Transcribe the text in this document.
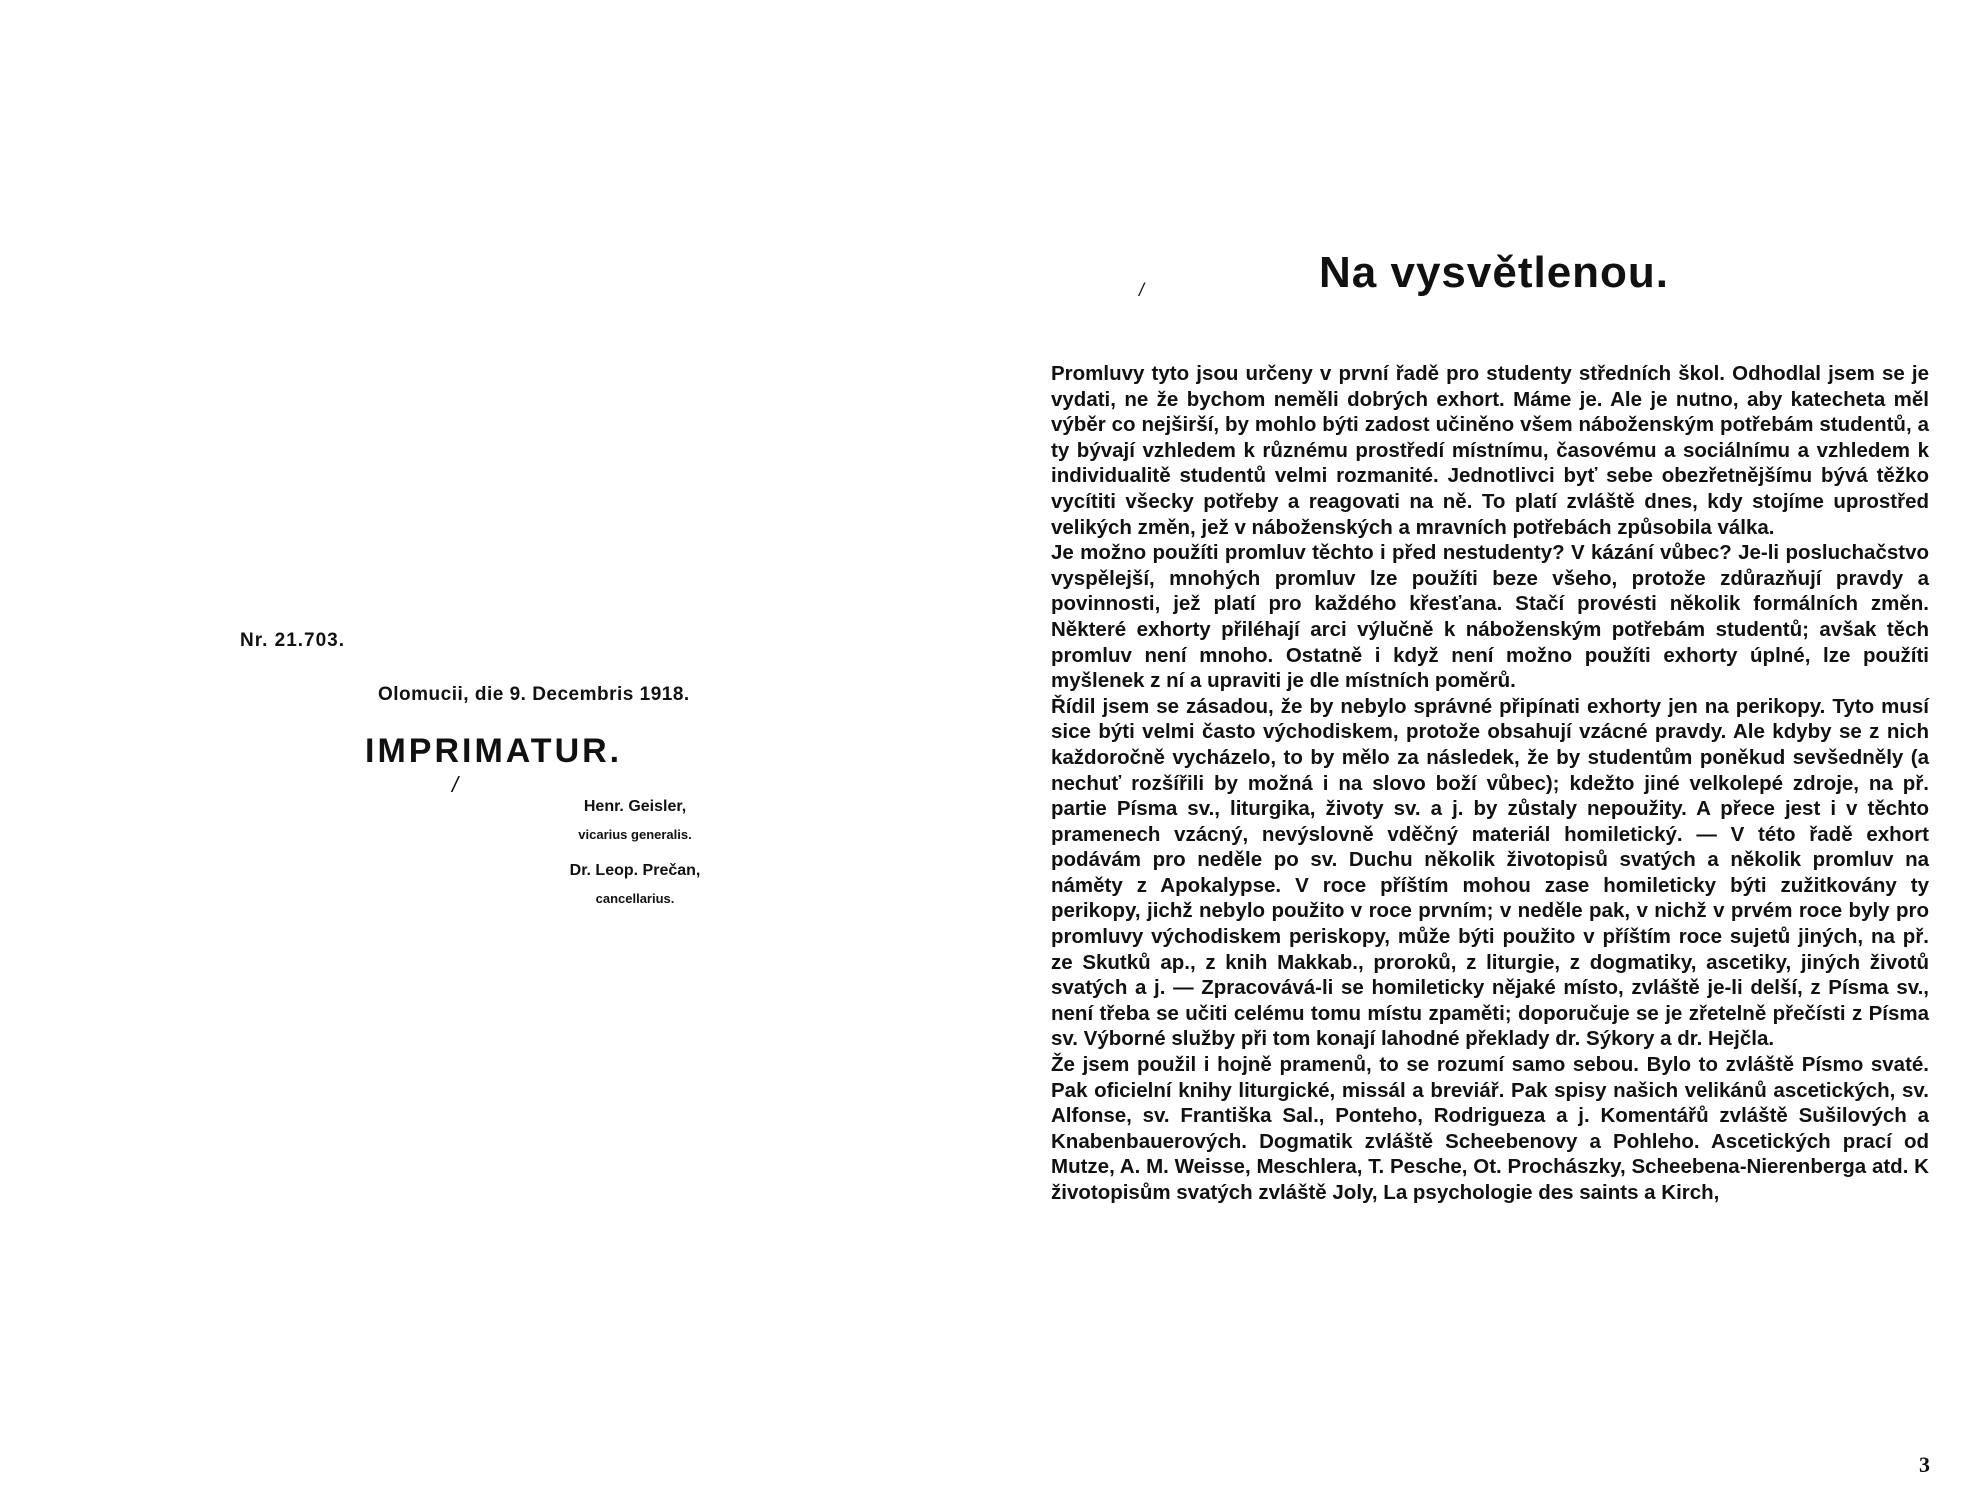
Nr. 21.703.
Olomucii, die 9. Decembris 1918.
IMPRIMATUR.
/
Henr. Geisler,
vicarius generalis.
Dr. Leop. Prečan,
cancellarius.
/	Na vysvětlenou.

Promluvy tyto jsou určeny v první řadě pro studenty středních škol. Odhodlal jsem se je vydati, ne že bychom neměli dobrých exhort. Máme je. Ale je nutno, aby katecheta měl výběr co nejširší, by mohlo býti zadost učiněno všem náboženským potřebám studentů, a ty bývají vzhledem k různému prostředí místnímu, časovému a sociálnímu a vzhledem k individualitě studentů velmi rozmanité. Jednotlivci byť sebe obezřetnějšímu bývá těžko vycítiti všecky potřeby a reagovati na ně. To platí zvláště dnes, kdy stojíme uprostřed velikých změn, jež v náboženských a mravních potřebách způsobila válka.

Je možno použíti promluv těchto i před nestudenty? V kázání vůbec? Je-li posluchačstvo vyspělejší, mnohých promluv lze použíti beze všeho, protože zdůrazňují pravdy a povinnosti, jež platí pro každého křesťana. Stačí provésti několik formálních změn. Některé exhorty přiléhají arci výlučně k náboženským potřebám studentů; avšak těch promluv není mnoho. Ostatně i když není možno použíti exhorty úplné, lze použíti myšlenek z ní a upraviti je dle místních poměrů.

Řídil jsem se zásadou, že by nebylo správné připínati exhorty jen na perikopy. Tyto musí sice býti velmi často východiskem, protože obsahují vzácné pravdy. Ale kdyby se z nich každoročně vycházelo, to by mělo za následek, že by studentům poněkud sevšedněly (a nechuť rozšířili by možná i na slovo boží vůbec); kdežto jiné velkolepé zdroje, na př. partie Písma sv., liturgika, životy sv. a j. by zůstaly nepoužity. A přece jest i v těchto pramenech vzácný, nevýslovně vděčný materiál homiletický. — V této řadě exhort podávám pro neděle po sv. Duchu několik životopisů svatých a několik promluv na náměty z Apokalypse. V roce příštím mohou zase homileticky býti zužitkovány ty perikopy, jichž nebylo použito v roce prvním; v neděle pak, v nichž v prvém roce byly pro promluvy východiskem periskopy, může býti použito v příštím roce sujetů jiných, na př. ze Skutků ap., z knih Makkab., proroků, z liturgie, z dogmatiky, ascetiky, jiných životů svatých a j. — Zpracovává-li se homileticky nějaké místo, zvláště je-li delší, z Písma sv., není třeba se učiti celému tomu místu zpaměti; doporučuje se je zřetelně přečísti z Písma sv. Výborné služby při tom konají lahodné překlady dr. Sýkory a dr. Hejčla.

Že jsem použil i hojně pramenů, to se rozumí samo sebou. Bylo to zvláště Písmo svaté. Pak oficielní knihy liturgické, missál a breviář. Pak spisy našich velikánů ascetických, sv. Alfonse, sv. Františka Sal., Ponteho, Rodrigueza a j. Komentářů zvláště Sušilových a Knabenbauerových. Dogmatik zvláště Scheebenovy a Pohleho. Ascetických prací od Mutze, A. M. Weisse, Meschlera, T. Pesche, Ot. Prochászky, Scheebena-Nierenberga atd. K životopisům svatých zvláště Joly, La psychologie des saints a Kirch,

3
